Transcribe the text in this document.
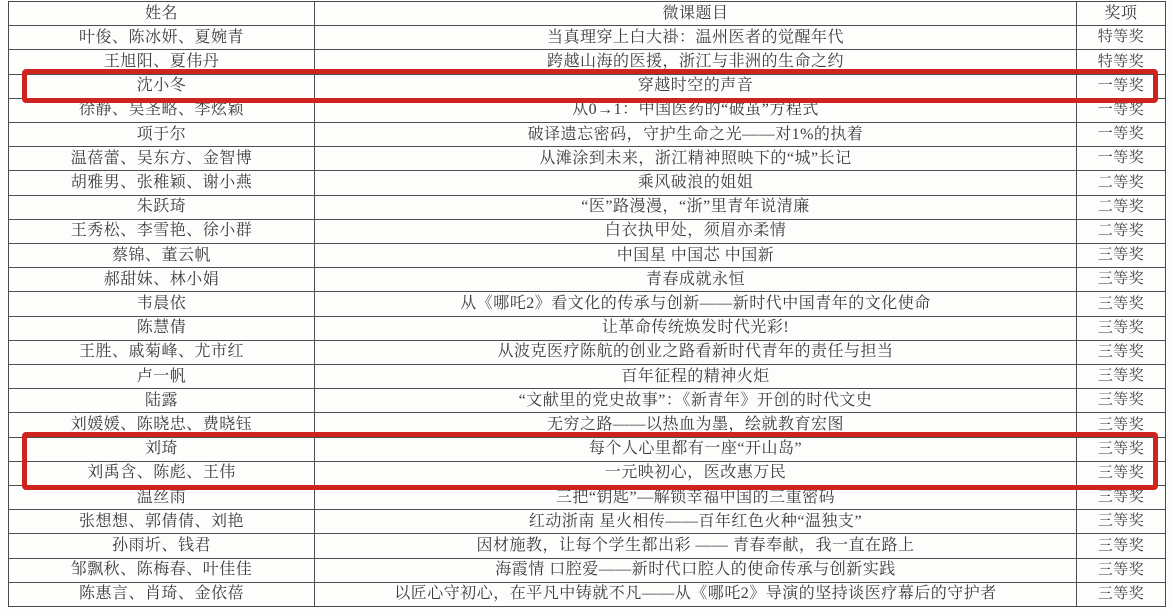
姓名	微课题目	奖项
叶俊、陈冰妍、夏婉青	当真理穿上白大褂：温州医者的觉醒年代	特等奖
王旭阳、夏伟丹	跨越山海的医援，浙江与非洲的生命之约	特等奖
沈小冬	穿越时空的声音	一等奖
徐静、吴圣略、李炫颖	从0→1：中国医药的“破茧”方程式	一等奖
项于尔	破译遗忘密码，守护生命之光——对1%的执着	一等奖
温蓓蕾、吴东方、金智博	从滩涂到未来，浙江精神照映下的“城”长记	一等奖
胡雅男、张稚颖、谢小燕	乘风破浪的姐姐	二等奖
朱跃琦	“医”路漫漫，“浙”里青年说清廉	二等奖
王秀松、李雪艳、徐小群	白衣执甲处，须眉亦柔情	二等奖
蔡锦、董云帆	中国星 中国芯 中国新	三等奖
郝甜妹、林小娟	青春成就永恒	三等奖
韦晨依	从《哪吒2》看文化的传承与创新——新时代中国青年的文化使命	三等奖
陈慧倩	让革命传统焕发时代光彩!	三等奖
王胜、戚菊峰、尤市红	从波克医疗陈航的创业之路看新时代青年的责任与担当	三等奖
卢一帆	百年征程的精神火炬	三等奖
陆露	“文献里的党史故事”：《新青年》开创的时代文史	三等奖
刘媛媛、陈晓忠、费晓钰	无穷之路——以热血为墨，绘就教育宏图	三等奖
刘琦	每个人心里都有一座“开山岛”	三等奖
刘禹含、陈彪、王伟	一元映初心，医改惠万民	三等奖
温丝雨	三把“钥匙”—解锁幸福中国的三重密码	三等奖
张想想、郭倩倩、刘艳	红动浙南 星火相传——百年红色火种“温独支”	三等奖
孙雨圻、钱君	因材施教，让每个学生都出彩 —— 青春奉献，我一直在路上	三等奖
邹飘秋、陈梅春、叶佳佳	海霞情 口腔爱——新时代口腔人的使命传承与创新实践	三等奖
陈惠言、肖琦、金依蓓	以匠心守初心，在平凡中铸就不凡——从《哪吒2》导演的坚持谈医疗幕后的守护者	三等奖
